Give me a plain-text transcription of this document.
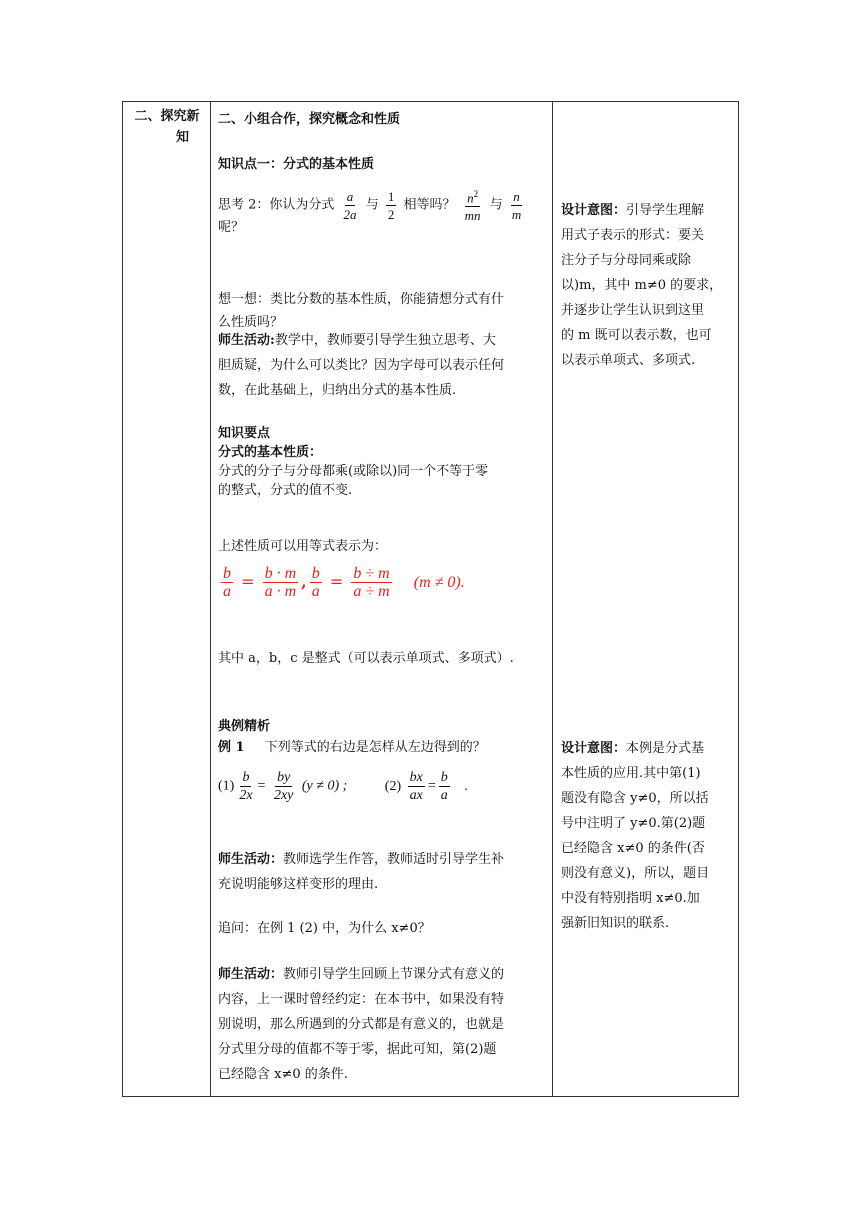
二、探究新
知
二、小组合作，探究概念和性质
知识点一：分式的基本性质
思考 2：你认为分式 $\frac{a}{2a}$ 与 $\frac{1}{2}$ 相等吗？ $\frac{n^2}{mn}$ 与 $\frac{n}{m}$
呢？
想一想：类比分数的基本性质，你能猜想分式有什
么性质吗？
师生活动:教学中，教师要引导学生独立思考、大
胆质疑，为什么可以类比？因为字母可以表示任何
数，在此基础上，归纳出分式的基本性质.
知识要点
分式的基本性质：
分式的分子与分母都乘(或除以)同一个不等于零
的整式，分式的值不变.
上述性质可以用等式表示为：
$\frac{b}{a} = \frac{b \cdot m}{a \cdot m}$ , $\frac{b}{a} = \frac{b \div m}{a \div m} (m \ne 0)$.
其中 a，b，c 是整式（可以表示单项式、多项式）.
典例精析
例 1 下列等式的右边是怎样从左边得到的？
$(1) \frac{b}{2x} = \frac{by}{2xy} (y \ne 0)$ ;	$(2) \frac{bx}{ax} = \frac{b}{a}$ .
师生活动：教师选学生作答，教师适时引导学生补
充说明能够这样变形的理由.
追问：在例 1 (2) 中，为什么 x≠0？
师生活动：教师引导学生回顾上节课分式有意义的
内容，上一课时曾经约定：在本书中，如果没有特
别说明，那么所遇到的分式都是有意义的，也就是
分式里分母的值都不等于零，据此可知，第(2)题
已经隐含 x≠0 的条件.
设计意图：引导学生理解
用式子表示的形式：要关
注分子与分母同乘或除
以)m，其中 m≠0 的要求，
并逐步让学生认识到这里
的 m 既可以表示数，也可
以表示单项式、多项式.
设计意图：本例是分式基
本性质的应用.其中第(1)
题没有隐含 y≠0，所以括
号中注明了 y≠0.第(2)题
已经隐含 x≠0 的条件(否
则没有意义)，所以，题目
中没有特别指明 x≠0.加
强新旧知识的联系.
